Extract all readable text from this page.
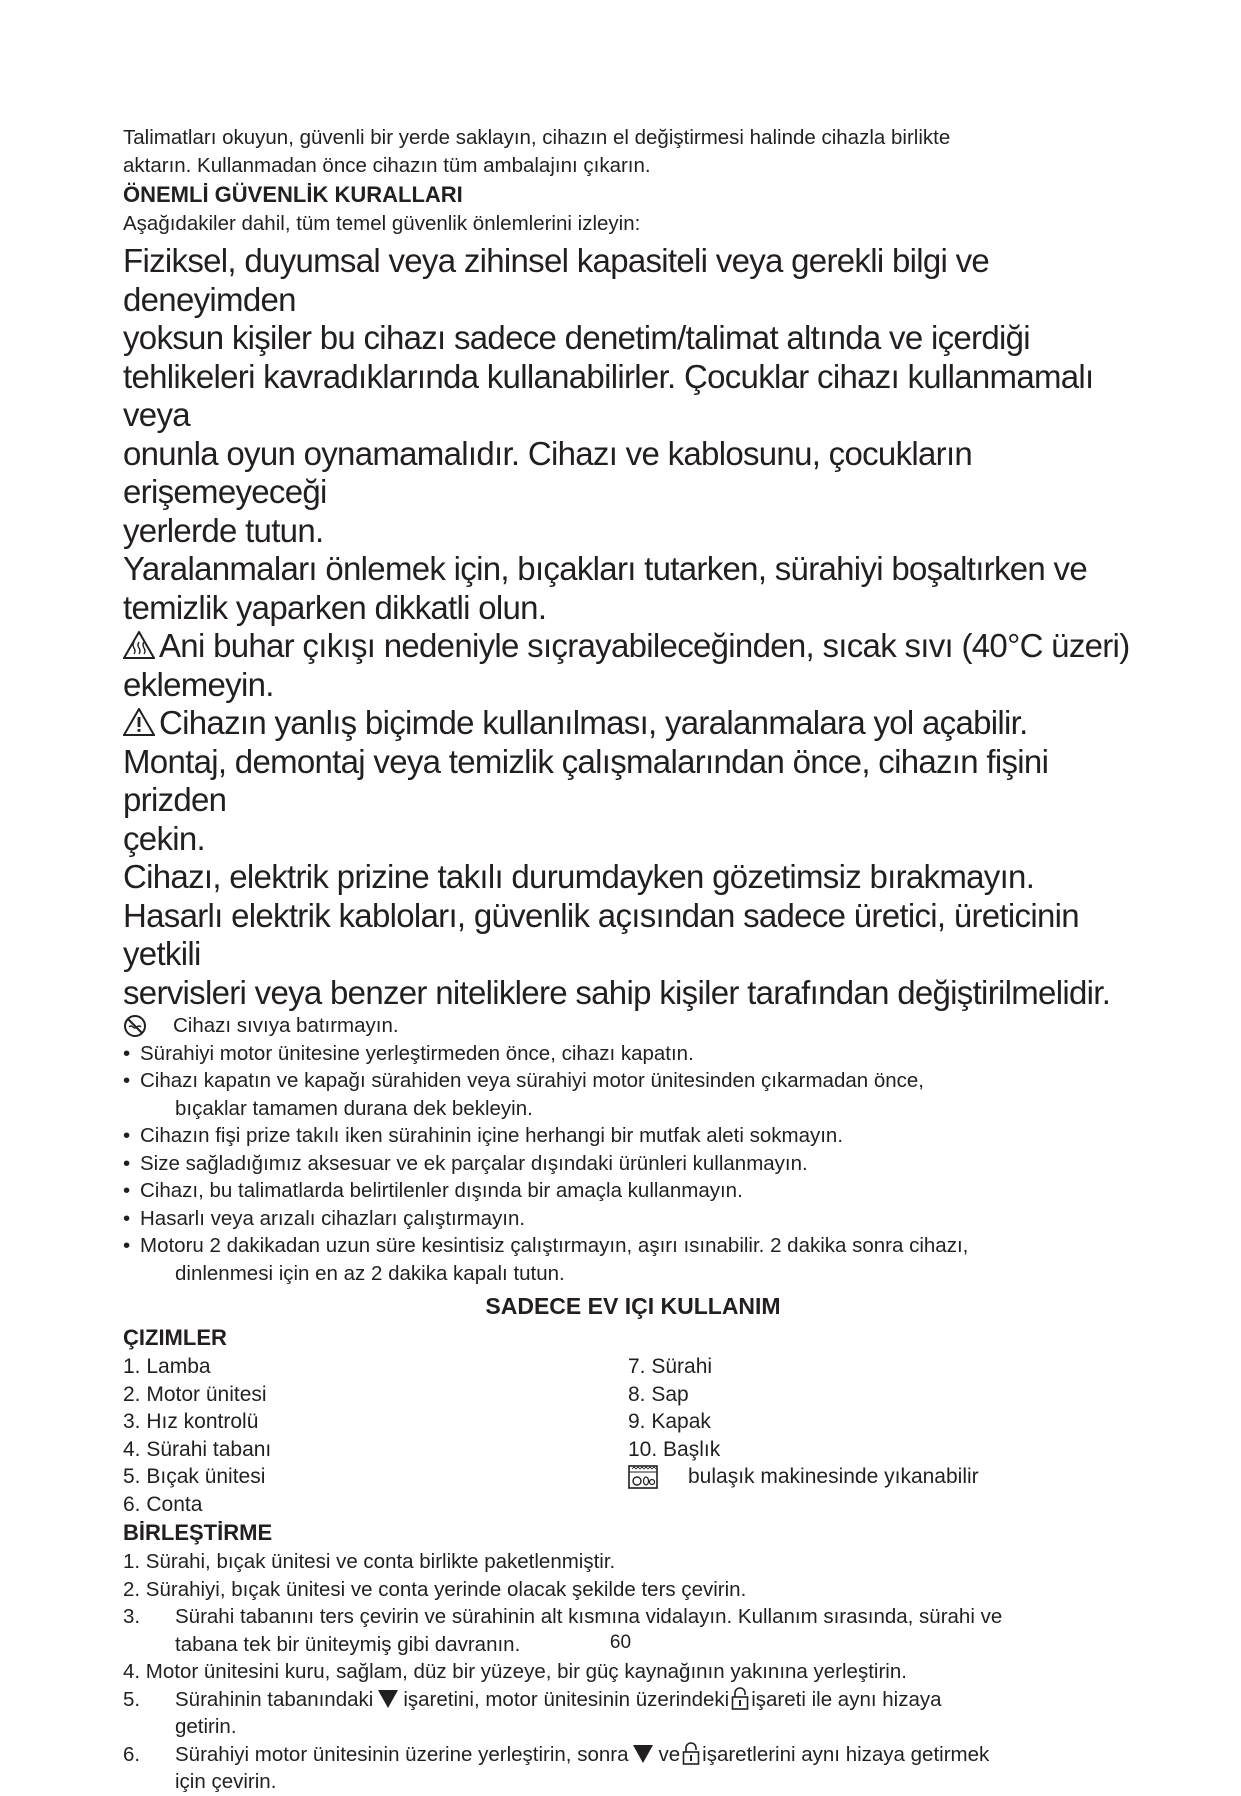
Talimatları okuyun, güvenli bir yerde saklayın, cihazın el değiştirmesi halinde cihazla birlikte

aktarın. Kullanmadan önce cihazın tüm ambalajını çıkarın.

ÖNEMLİ GÜVENLİK KURALLARI

Aşağıdakiler dahil, tüm temel güvenlik önlemlerini izleyin:

Fiziksel, duyumsal veya zihinsel kapasiteli veya gerekli bilgi ve deneyimden

yoksun kişiler bu cihazı sadece denetim/talimat altında ve içerdiği

tehlikeleri kavradıklarında kullanabilirler. Çocuklar cihazı kullanmamalı veya

onunla oyun oynamamalıdır. Cihazı ve kablosunu, çocukların erişemeyeceği

yerlerde tutun.

Yaralanmaları önlemek için, bıçakları tutarken, sürahiyi boşaltırken ve

temizlik yaparken dikkatli olun.

Ani buhar çıkışı nedeniyle sıçrayabileceğinden, sıcak sıvı (40°C üzeri)

eklemeyin.

Cihazın yanlış biçimde kullanılması, yaralanmalara yol açabilir.

Montaj, demontaj veya temizlik çalışmalarından önce, cihazın fişini prizden

çekin.

Cihazı, elektrik prizine takılı durumdayken gözetimsiz bırakmayın.

Hasarlı elektrik kabloları, güvenlik açısından sadece üretici, üreticinin yetkili

servisleri veya benzer niteliklere sahip kişiler tarafından değiştirilmelidir.

Cihazı sıvıya batırmayın.

• Sürahiyi motor ünitesine yerleştirmeden önce, cihazı kapatın.

• Cihazı kapatın ve kapağı sürahiden veya sürahiyi motor ünitesinden çıkarmadan önce,

bıçaklar tamamen durana dek bekleyin.

• Cihazın fişi prize takılı iken sürahinin içine herhangi bir mutfak aleti sokmayın.

• Size sağladığımız aksesuar ve ek parçalar dışındaki ürünleri kullanmayın.

• Cihazı, bu talimatlarda belirtilenler dışında bir amaçla kullanmayın.

• Hasarlı veya arızalı cihazları çalıştırmayın.

• Motoru 2 dakikadan uzun süre kesintisiz çalıştırmayın, aşırı ısınabilir. 2 dakika sonra cihazı,

dinlenmesi için en az 2 dakika kapalı tutun.

SADECE EV IÇI KULLANIM

ÇIZIMLER

1. Lamba
2. Motor ünitesi
3. Hız kontrolü
4. Sürahi tabanı
5. Bıçak ünitesi
6. Conta
7. Sürahi
8. Sap
9. Kapak
10. Başlık
bulaşık makinesinde yıkanabilir

BİRLEŞTİRME

1. Sürahi, bıçak ünitesi ve conta birlikte paketlenmiştir.
2. Sürahiyi, bıçak ünitesi ve conta yerinde olacak şekilde ters çevirin.
3.	Sürahi tabanını ters çevirin ve sürahinin alt kısmına vidalayın. Kullanım sırasında, sürahi ve
tabana tek bir üniteymiş gibi davranın.
4. Motor ünitesini kuru, sağlam, düz bir yüzeye, bir güç kaynağının yakınına yerleştirin.
5.	Sürahinin tabanındaki işaretini, motor ünitesinin üzerindeki işareti ile aynı hizaya
getirin.
6.	Sürahiyi motor ünitesinin üzerine yerleştirin, sonra ve işaretlerini aynı hizaya getirmek
için çevirin.
60
